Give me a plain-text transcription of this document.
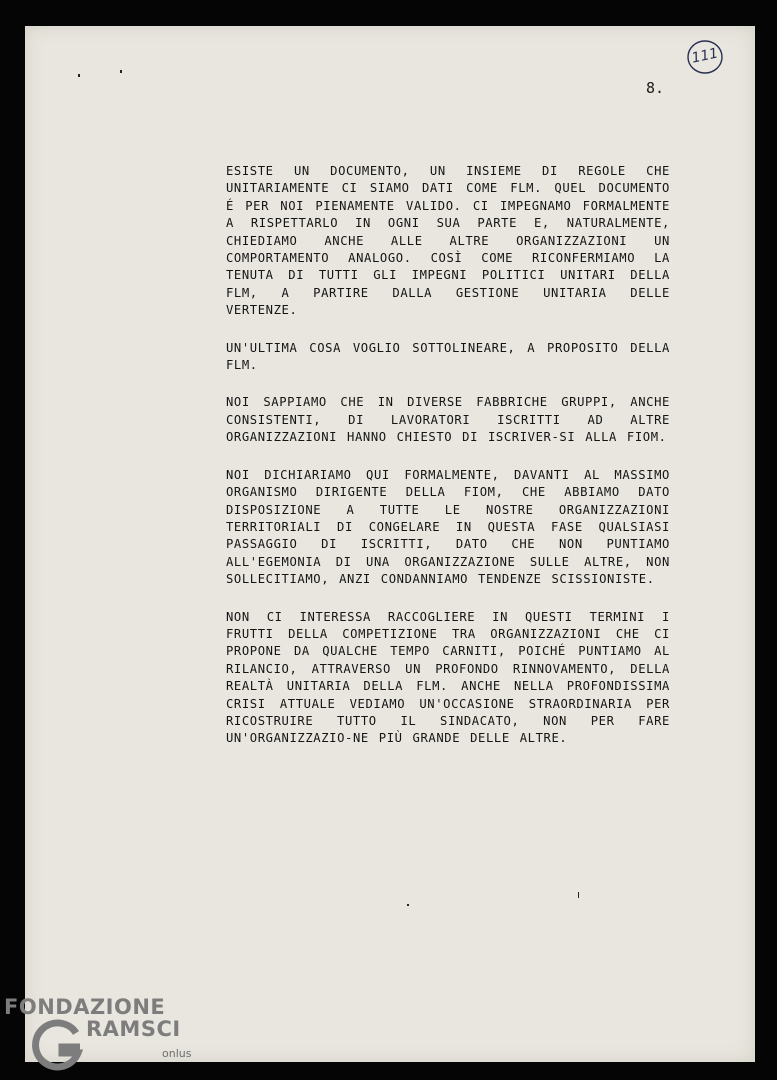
111
8.

ESISTE UN DOCUMENTO, UN INSIEME DI REGOLE CHE UNITARIAMENTE CI SIAMO DATI COME FLM. QUEL DOCUMENTO É PER NOI PIENAMENTE VALIDO. CI IMPEGNAMO FORMALMENTE A RISPETTARLO IN OGNI SUA PARTE E, NATURALMENTE, CHIEDIAMO ANCHE ALLE ALTRE ORGANIZZAZIONI UN COMPORTAMENTO ANALOGO. COSÌ COME RICONFERMIAMO LA TENUTA DI TUTTI GLI IMPEGNI POLITICI UNITARI DELLA FLM, A PARTIRE DALLA GESTIONE UNITARIA DELLE VERTENZE.

UN'ULTIMA COSA VOGLIO SOTTOLINEARE, A PROPOSITO DELLA FLM.

NOI SAPPIAMO CHE IN DIVERSE FABBRICHE GRUPPI, ANCHE CONSISTENTI, DI LAVORATORI ISCRITTI AD ALTRE ORGANIZZAZIONI HANNO CHIESTO DI ISCRIVER-SI ALLA FIOM.

NOI DICHIARIAMO QUI FORMALMENTE, DAVANTI AL MASSIMO ORGANISMO DIRIGENTE DELLA FIOM, CHE ABBIAMO DATO DISPOSIZIONE A TUTTE LE NOSTRE ORGANIZZAZIONI TERRITORIALI DI CONGELARE IN QUESTA FASE QUALSIASI PASSAGGIO DI ISCRITTI, DATO CHE NON PUNTIAMO ALL'EGEMONIA DI UNA ORGANIZZAZIONE SULLE ALTRE, NON SOLLECITIAMO, ANZI CONDANNIAMO TENDENZE SCISSIONISTE.

NON CI INTERESSA RACCOGLIERE IN QUESTI TERMINI I FRUTTI DELLA COMPETIZIONE TRA ORGANIZZAZIONI CHE CI PROPONE DA QUALCHE TEMPO CARNITI, POICHÉ PUNTIAMO AL RILANCIO, ATTRAVERSO UN PROFONDO RINNOVAMENTO, DELLA REALTÀ UNITARIA DELLA FLM. ANCHE NELLA PROFONDISSIMA CRISI ATTUALE VEDIAMO UN'OCCASIONE STRAORDINARIA PER RICOSTRUIRE TUTTO IL SINDACATO, NON PER FARE UN'ORGANIZZAZIO-NE PIÙ GRANDE DELLE ALTRE.

FONDAZIONE
RAMSCI
onlus
